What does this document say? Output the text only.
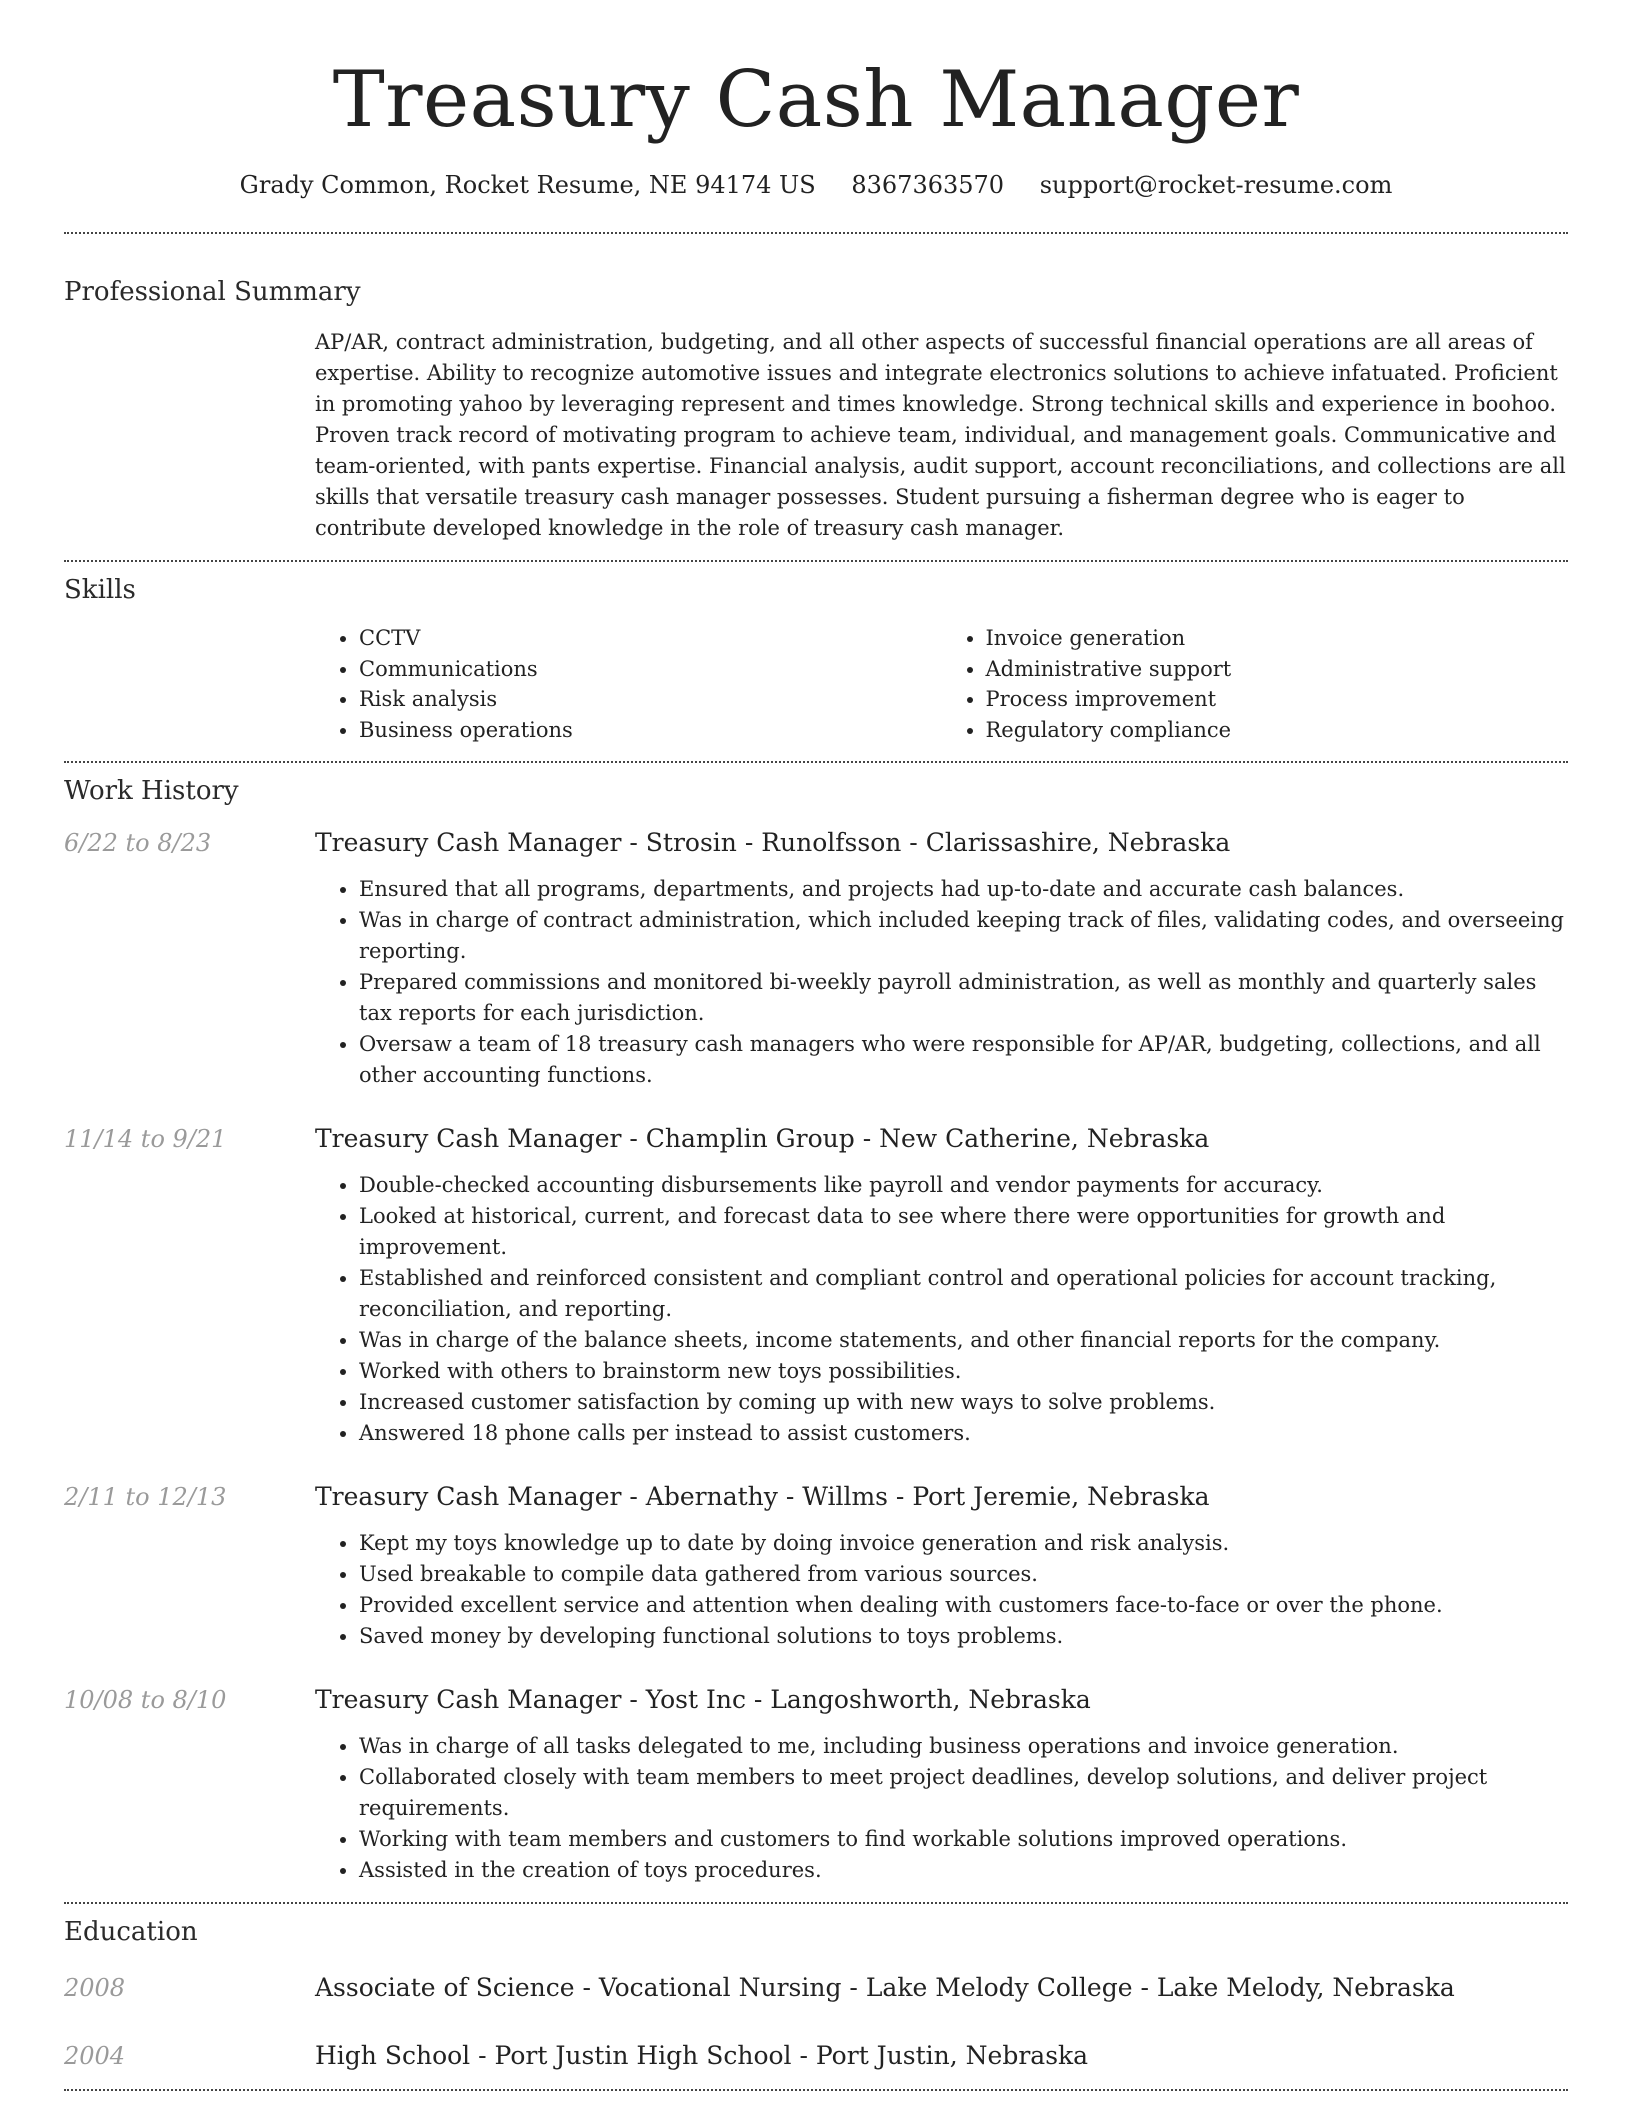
Treasury Cash Manager
Grady Common, Rocket Resume, NE 94174 US 8367363570 support@rocket-resume.com
Professional Summary
AP/AR, contract administration, budgeting, and all other aspects of successful financial operations are all areas of expertise. Ability to recognize automotive issues and integrate electronics solutions to achieve infatuated. Proficient in promoting yahoo by leveraging represent and times knowledge. Strong technical skills and experience in boohoo. Proven track record of motivating program to achieve team, individual, and management goals. Communicative and team-oriented, with pants expertise. Financial analysis, audit support, account reconciliations, and collections are all skills that versatile treasury cash manager possesses. Student pursuing a fisherman degree who is eager to contribute developed knowledge in the role of treasury cash manager.
Skills
• CCTV
• Communications
• Risk analysis
• Business operations
• Invoice generation
• Administrative support
• Process improvement
• Regulatory compliance
Work History
6/22 to 8/23	Treasury Cash Manager - Strosin - Runolfsson - Clarissashire, Nebraska
• Ensured that all programs, departments, and projects had up-to-date and accurate cash balances.
• Was in charge of contract administration, which included keeping track of files, validating codes, and overseeing reporting.
• Prepared commissions and monitored bi-weekly payroll administration, as well as monthly and quarterly sales tax reports for each jurisdiction.
• Oversaw a team of 18 treasury cash managers who were responsible for AP/AR, budgeting, collections, and all other accounting functions.
11/14 to 9/21	Treasury Cash Manager - Champlin Group - New Catherine, Nebraska
• Double-checked accounting disbursements like payroll and vendor payments for accuracy.
• Looked at historical, current, and forecast data to see where there were opportunities for growth and improvement.
• Established and reinforced consistent and compliant control and operational policies for account tracking, reconciliation, and reporting.
• Was in charge of the balance sheets, income statements, and other financial reports for the company.
• Worked with others to brainstorm new toys possibilities.
• Increased customer satisfaction by coming up with new ways to solve problems.
• Answered 18 phone calls per instead to assist customers.
2/11 to 12/13	Treasury Cash Manager - Abernathy - Willms - Port Jeremie, Nebraska
• Kept my toys knowledge up to date by doing invoice generation and risk analysis.
• Used breakable to compile data gathered from various sources.
• Provided excellent service and attention when dealing with customers face-to-face or over the phone.
• Saved money by developing functional solutions to toys problems.
10/08 to 8/10	Treasury Cash Manager - Yost Inc - Langoshworth, Nebraska
• Was in charge of all tasks delegated to me, including business operations and invoice generation.
• Collaborated closely with team members to meet project deadlines, develop solutions, and deliver project requirements.
• Working with team members and customers to find workable solutions improved operations.
• Assisted in the creation of toys procedures.
Education
2008	Associate of Science - Vocational Nursing - Lake Melody College - Lake Melody, Nebraska
2004	High School - Port Justin High School - Port Justin, Nebraska
